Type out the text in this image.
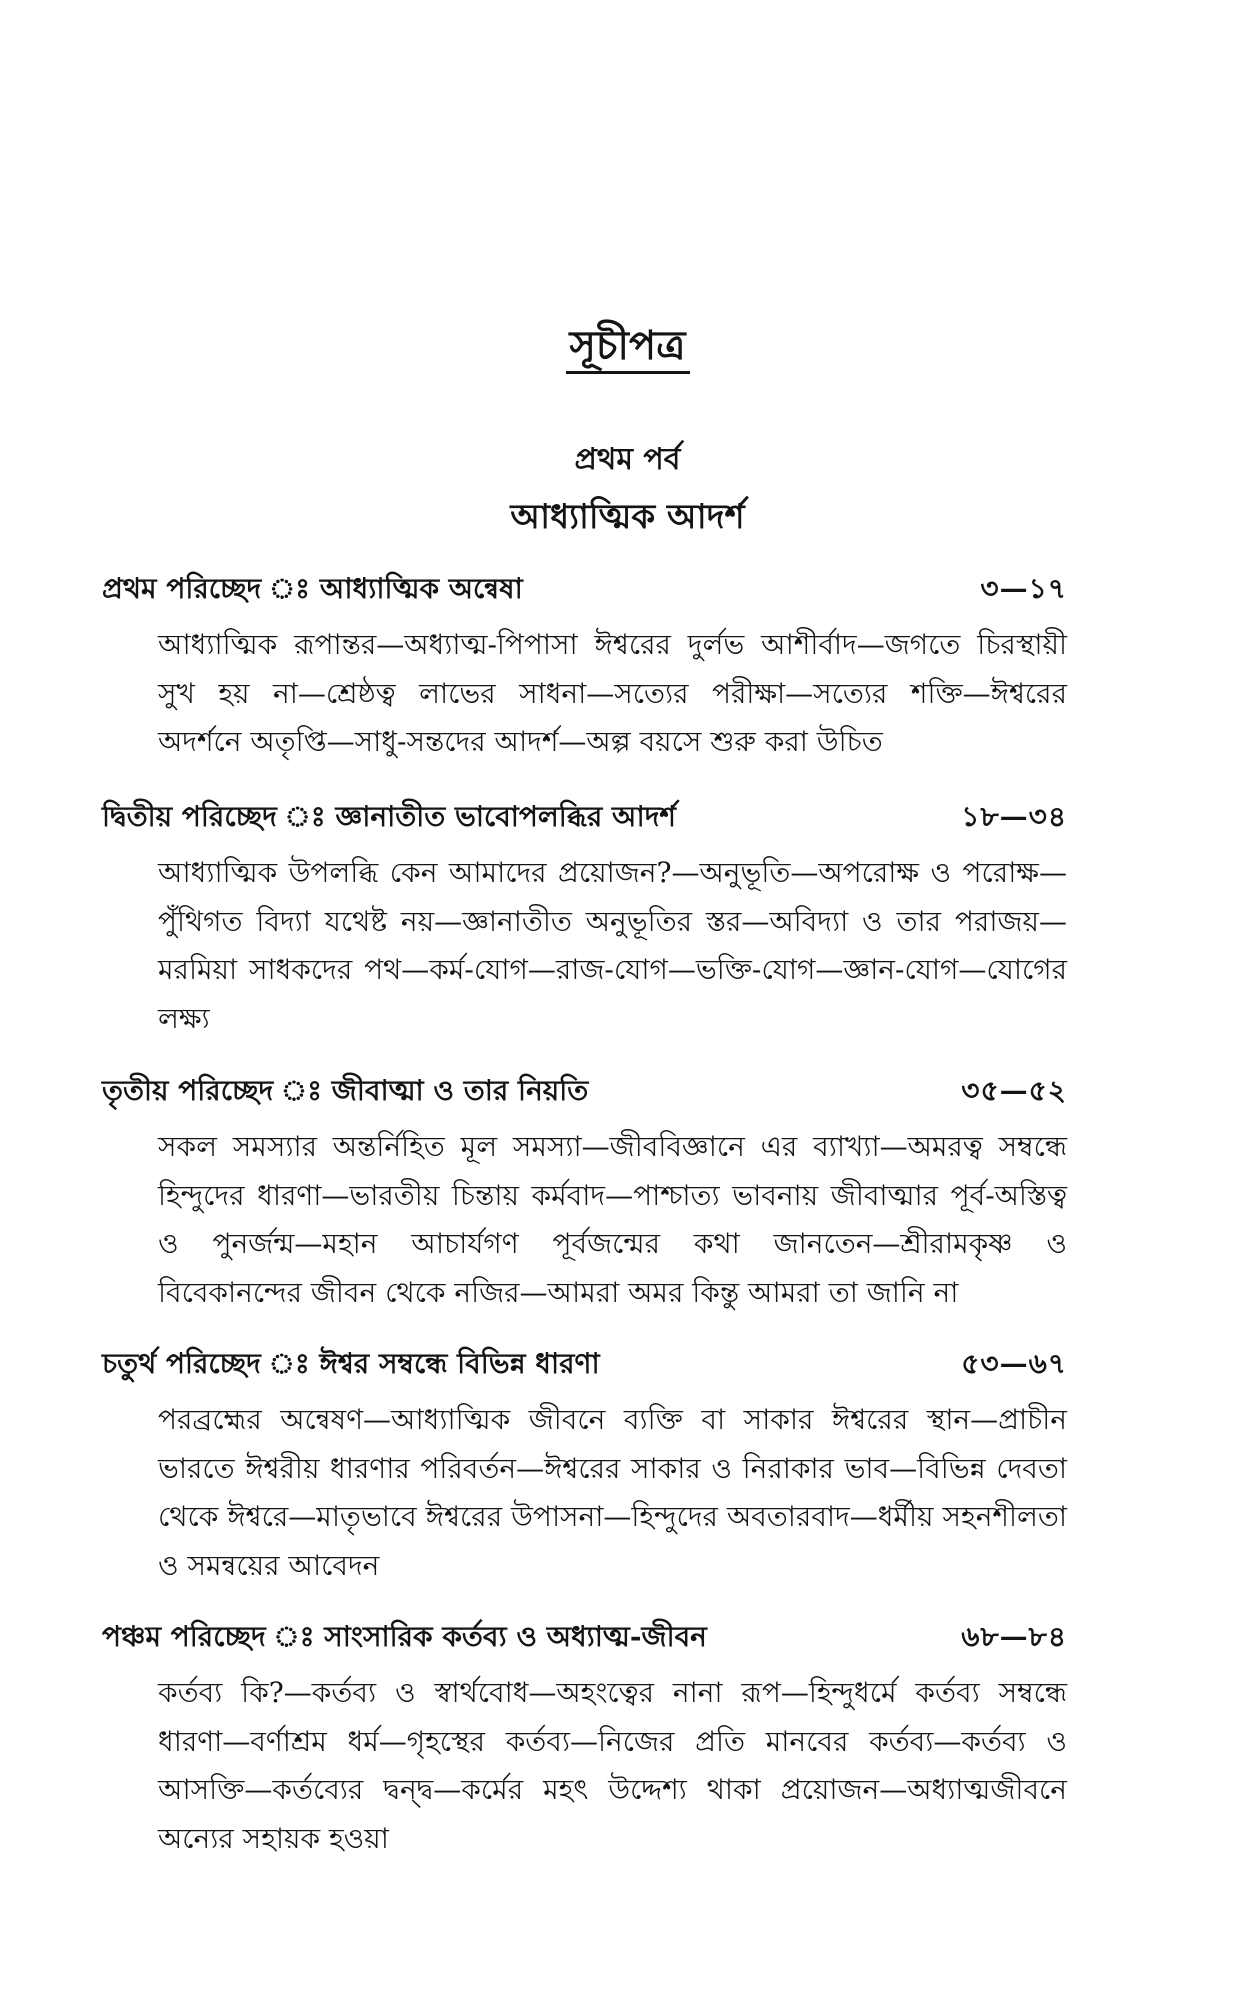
সূচীপত্র
প্রথম পর্ব
আধ্যাত্মিক আদর্শ
প্রথম পরিচ্ছেদ ঃ আধ্যাত্মিক অন্বেষা	৩—১৭
আধ্যাত্মিক রূপান্তর—অধ্যাত্ম-পিপাসা ঈশ্বরের দুর্লভ আশীর্বাদ—জগতে চিরস্থায়ী সুখ হয় না—শ্রেষ্ঠত্ব লাভের সাধনা—সত্যের পরীক্ষা—সত্যের শক্তি—ঈশ্বরের অদর্শনে অতৃপ্তি—সাধু-সন্তদের আদর্শ—অল্প বয়সে শুরু করা উচিত
দ্বিতীয় পরিচ্ছেদ ঃ জ্ঞানাতীত ভাবোপলব্ধির আদর্শ	১৮—৩৪
আধ্যাত্মিক উপলব্ধি কেন আমাদের প্রয়োজন?—অনুভূতি—অপরোক্ষ ও পরোক্ষ—পুঁথিগত বিদ্যা যথেষ্ট নয়—জ্ঞানাতীত অনুভূতির স্তর—অবিদ্যা ও তার পরাজয়—মরমিয়া সাধকদের পথ—কর্ম-যোগ—রাজ-যোগ—ভক্তি-যোগ—জ্ঞান-যোগ—যোগের লক্ষ্য
তৃতীয় পরিচ্ছেদ ঃ জীবাত্মা ও তার নিয়তি	৩৫—৫২
সকল সমস্যার অন্তর্নিহিত মূল সমস্যা—জীববিজ্ঞানে এর ব্যাখ্যা—অমরত্ব সম্বন্ধে হিন্দুদের ধারণা—ভারতীয় চিন্তায় কর্মবাদ—পাশ্চাত্য ভাবনায় জীবাত্মার পূর্ব-অস্তিত্ব ও পুনর্জন্ম—মহান আচার্যগণ পূর্বজন্মের কথা জানতেন—শ্রীরামকৃষ্ণ ও বিবেকানন্দের জীবন থেকে নজির—আমরা অমর কিন্তু আমরা তা জানি না
চতুর্থ পরিচ্ছেদ ঃ ঈশ্বর সম্বন্ধে বিভিন্ন ধারণা	৫৩—৬৭
পরব্রহ্মের অন্বেষণ—আধ্যাত্মিক জীবনে ব্যক্তি বা সাকার ঈশ্বরের স্থান—প্রাচীন ভারতে ঈশ্বরীয় ধারণার পরিবর্তন—ঈশ্বরের সাকার ও নিরাকার ভাব—বিভিন্ন দেবতা থেকে ঈশ্বরে—মাতৃভাবে ঈশ্বরের উপাসনা—হিন্দুদের অবতারবাদ—ধর্মীয় সহনশীলতা ও সমন্বয়ের আবেদন
পঞ্চম পরিচ্ছেদ ঃ সাংসারিক কর্তব্য ও অধ্যাত্ম-জীবন	৬৮—৮৪
কর্তব্য কি?—কর্তব্য ও স্বার্থবোধ—অহংত্বের নানা রূপ—হিন্দুধর্মে কর্তব্য সম্বন্ধে ধারণা—বর্ণাশ্রম ধর্ম—গৃহস্থের কর্তব্য—নিজের প্রতি মানবের কর্তব্য—কর্তব্য ও আসক্তি—কর্তব্যের দ্বন্দ্ব—কর্মের মহৎ উদ্দেশ্য থাকা প্রয়োজন—অধ্যাত্মজীবনে অন্যের সহায়ক হওয়া
